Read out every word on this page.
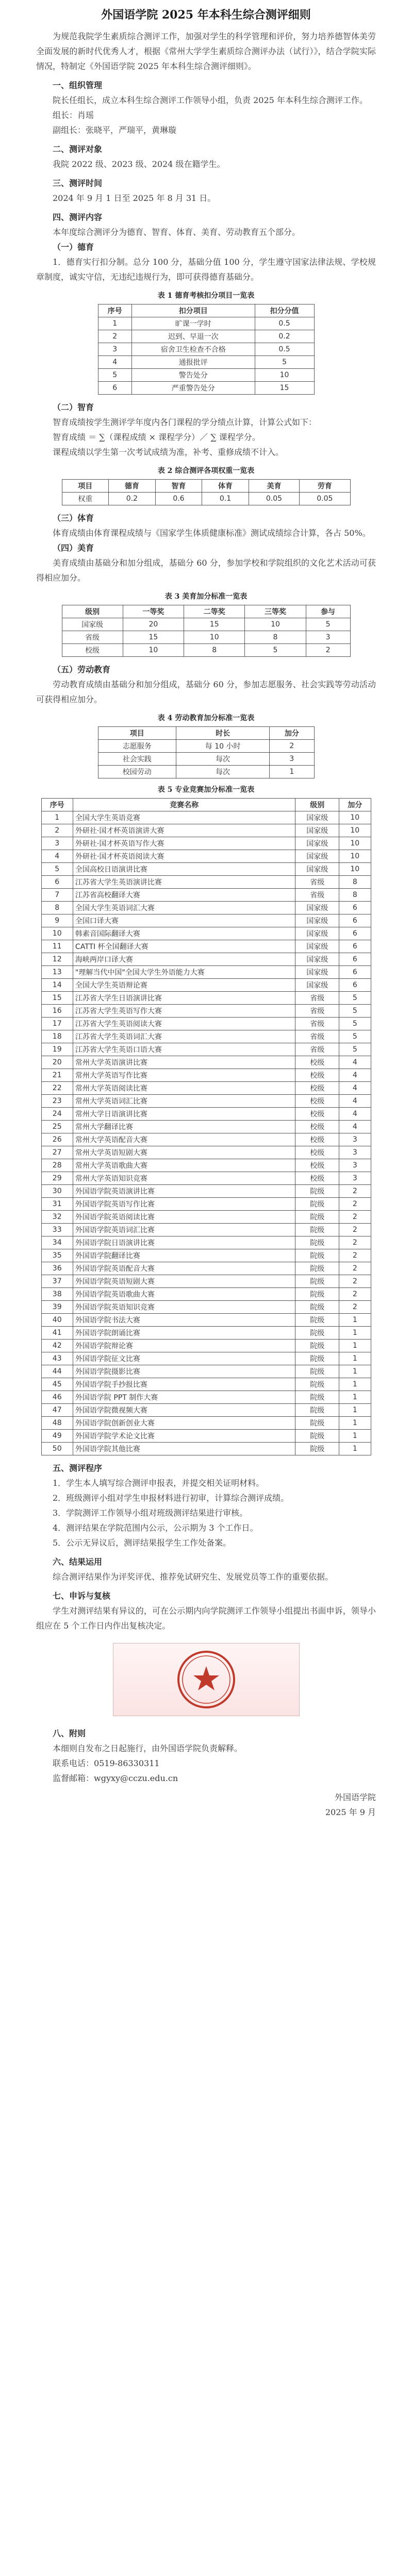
外国语学院 2025 年本科生综合测评细则

为规范我院学生素质综合测评工作，加强对学生的科学管理和评价，努力培养德智体美劳全面发展的新时代优秀人才，根据《常州大学学生素质综合测评办法（试行）》，结合学院实际情况，特制定《外国语学院 2025 年本科生综合测评细则》。

一、组织管理

院长任组长，成立本科生综合测评工作领导小组，负责 2025 年本科生综合测评工作。

组长：肖瑶

副组长：张晓平，严瑞平，黄琳璇

二、测评对象

我院 2022 级、2023 级、2024 级在籍学生。

三、测评时间

2024 年 9 月 1 日至 2025 年 8 月 31 日。

四、测评内容

本年度综合测评分为德育、智育、体育、美育、劳动教育五个部分。

（一）德育

1．德育实行扣分制。总分 100 分，基础分值 100 分，学生遵守国家法律法规、学校规章制度，诚实守信，无违纪违规行为，即可获得德育基础分。

表 1 德育考核扣分项目一览表
序号	扣分项目	扣分分值
1	旷课一学时	0.5
2	迟到、早退一次	0.2
3	宿舍卫生检查不合格	0.5
4	通报批评	5
5	警告处分	10
6	严重警告处分	15

（二）智育

智育成绩按学生测评学年度内各门课程的学分绩点计算，计算公式如下：

智育成绩 ＝ ∑（课程成绩 × 课程学分）／ ∑ 课程学分。

课程成绩以学生第一次考试成绩为准，补考、重修成绩不计入。

表 2 综合测评各项权重一览表
项目	德育	智育	体育	美育	劳育
权重	0.2	0.6	0.1	0.05	0.05

（三）体育

体育成绩由体育课程成绩与《国家学生体质健康标准》测试成绩综合计算，各占 50%。

（四）美育

美育成绩由基础分和加分组成，基础分 60 分，参加学校和学院组织的文化艺术活动可获得相应加分。

表 3 美育加分标准一览表
级别	一等奖	二等奖	三等奖	参与
国家级	20	15	10	5
省级	15	10	8	3
校级	10	8	5	2

（五）劳动教育

劳动教育成绩由基础分和加分组成，基础分 60 分，参加志愿服务、社会实践等劳动活动可获得相应加分。

表 4 劳动教育加分标准一览表
项目	时长	加分
志愿服务	每 10 小时	2
社会实践	每次	3
校园劳动	每次	1
表 5 专业竞赛加分标准一览表
序号	竞赛名称	级别	加分
1	全国大学生英语竞赛	国家级	10
2	外研社·国才杯英语演讲大赛	国家级	10
3	外研社·国才杯英语写作大赛	国家级	10
4	外研社·国才杯英语阅读大赛	国家级	10
5	全国高校日语演讲比赛	国家级	10
6	江苏省大学生英语演讲比赛	省级	8
7	江苏省高校翻译大赛	省级	8
8	全国大学生英语词汇大赛	国家级	6
9	全国口译大赛	国家级	6
10	韩素音国际翻译大赛	国家级	6
11	CATTI 杯全国翻译大赛	国家级	6
12	海峡两岸口译大赛	国家级	6
13	"理解当代中国"全国大学生外语能力大赛	国家级	6
14	全国大学生英语辩论赛	国家级	6
15	江苏省大学生日语演讲比赛	省级	5
16	江苏省大学生英语写作大赛	省级	5
17	江苏省大学生英语阅读大赛	省级	5
18	江苏省大学生英语词汇大赛	省级	5
19	江苏省大学生英语口语大赛	省级	5
20	常州大学英语演讲比赛	校级	4
21	常州大学英语写作比赛	校级	4
22	常州大学英语阅读比赛	校级	4
23	常州大学英语词汇比赛	校级	4
24	常州大学日语演讲比赛	校级	4
25	常州大学翻译比赛	校级	4
26	常州大学英语配音大赛	校级	3
27	常州大学英语短剧大赛	校级	3
28	常州大学英语歌曲大赛	校级	3
29	常州大学英语知识竞赛	校级	3
30	外国语学院英语演讲比赛	院级	2
31	外国语学院英语写作比赛	院级	2
32	外国语学院英语阅读比赛	院级	2
33	外国语学院英语词汇比赛	院级	2
34	外国语学院日语演讲比赛	院级	2
35	外国语学院翻译比赛	院级	2
36	外国语学院英语配音大赛	院级	2
37	外国语学院英语短剧大赛	院级	2
38	外国语学院英语歌曲大赛	院级	2
39	外国语学院英语知识竞赛	院级	2
40	外国语学院书法大赛	院级	1
41	外国语学院朗诵比赛	院级	1
42	外国语学院辩论赛	院级	1
43	外国语学院征文比赛	院级	1
44	外国语学院摄影比赛	院级	1
45	外国语学院手抄报比赛	院级	1
46	外国语学院 PPT 制作大赛	院级	1
47	外国语学院微视频大赛	院级	1
48	外国语学院创新创业大赛	院级	1
49	外国语学院学术论文比赛	院级	1
50	外国语学院其他比赛	院级	1

五、测评程序

1．学生本人填写综合测评申报表，并提交相关证明材料。

2．班级测评小组对学生申报材料进行初审，计算综合测评成绩。

3．学院测评工作领导小组对班级测评结果进行审核。

4．测评结果在学院范围内公示，公示期为 3 个工作日。

5．公示无异议后，测评结果报学生工作处备案。

六、结果运用

综合测评结果作为评奖评优、推荐免试研究生、发展党员等工作的重要依据。

七、申诉与复核

学生对测评结果有异议的，可在公示期内向学院测评工作领导小组提出书面申诉，领导小组应在 5 个工作日内作出复核决定。

八、附则

本细则自发布之日起施行，由外国语学院负责解释。

联系电话：0519-86330311

监督邮箱：wgyxy@cczu.edu.cn

外国语学院

2025 年 9 月
